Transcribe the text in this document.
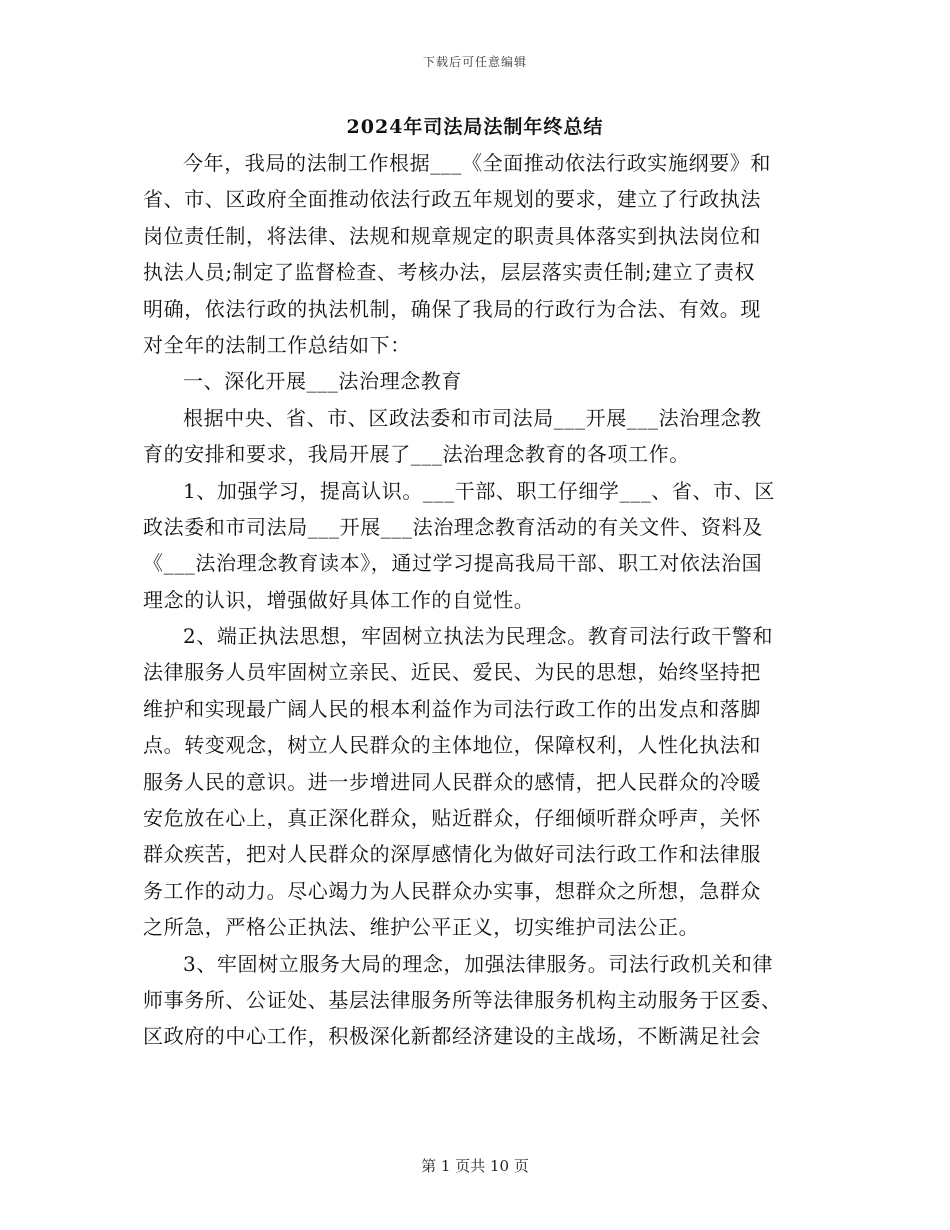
下载后可任意编辑
2024年司法局法制年终总结
今年，我局的法制工作根据___《全面推动依法行政实施纲要》和
省、市、区政府全面推动依法行政五年规划的要求，建立了行政执法
岗位责任制，将法律、法规和规章规定的职责具体落实到执法岗位和
执法人员;制定了监督检查、考核办法，层层落实责任制;建立了责权
明确，依法行政的执法机制，确保了我局的行政行为合法、有效。现
对全年的法制工作总结如下：
一、深化开展___法治理念教育
根据中央、省、市、区政法委和市司法局___开展___法治理念教
育的安排和要求，我局开展了___法治理念教育的各项工作。
1、加强学习，提高认识。___干部、职工仔细学___、省、市、区
政法委和市司法局___开展___法治理念教育活动的有关文件、资料及
《___法治理念教育读本》，通过学习提高我局干部、职工对依法治国
理念的认识，增强做好具体工作的自觉性。
2、端正执法思想，牢固树立执法为民理念。教育司法行政干警和
法律服务人员牢固树立亲民、近民、爱民、为民的思想，始终坚持把
维护和实现最广阔人民的根本利益作为司法行政工作的出发点和落脚
点。转变观念，树立人民群众的主体地位，保障权利，人性化执法和
服务人民的意识。进一步增进同人民群众的感情，把人民群众的冷暖
安危放在心上，真正深化群众，贴近群众，仔细倾听群众呼声，关怀
群众疾苦，把对人民群众的深厚感情化为做好司法行政工作和法律服
务工作的动力。尽心竭力为人民群众办实事，想群众之所想，急群众
之所急，严格公正执法、维护公平正义，切实维护司法公正。
3、牢固树立服务大局的理念，加强法律服务。司法行政机关和律
师事务所、公证处、基层法律服务所等法律服务机构主动服务于区委、
区政府的中心工作，积极深化新都经济建设的主战场，不断满足社会
第 1 页共 10 页
